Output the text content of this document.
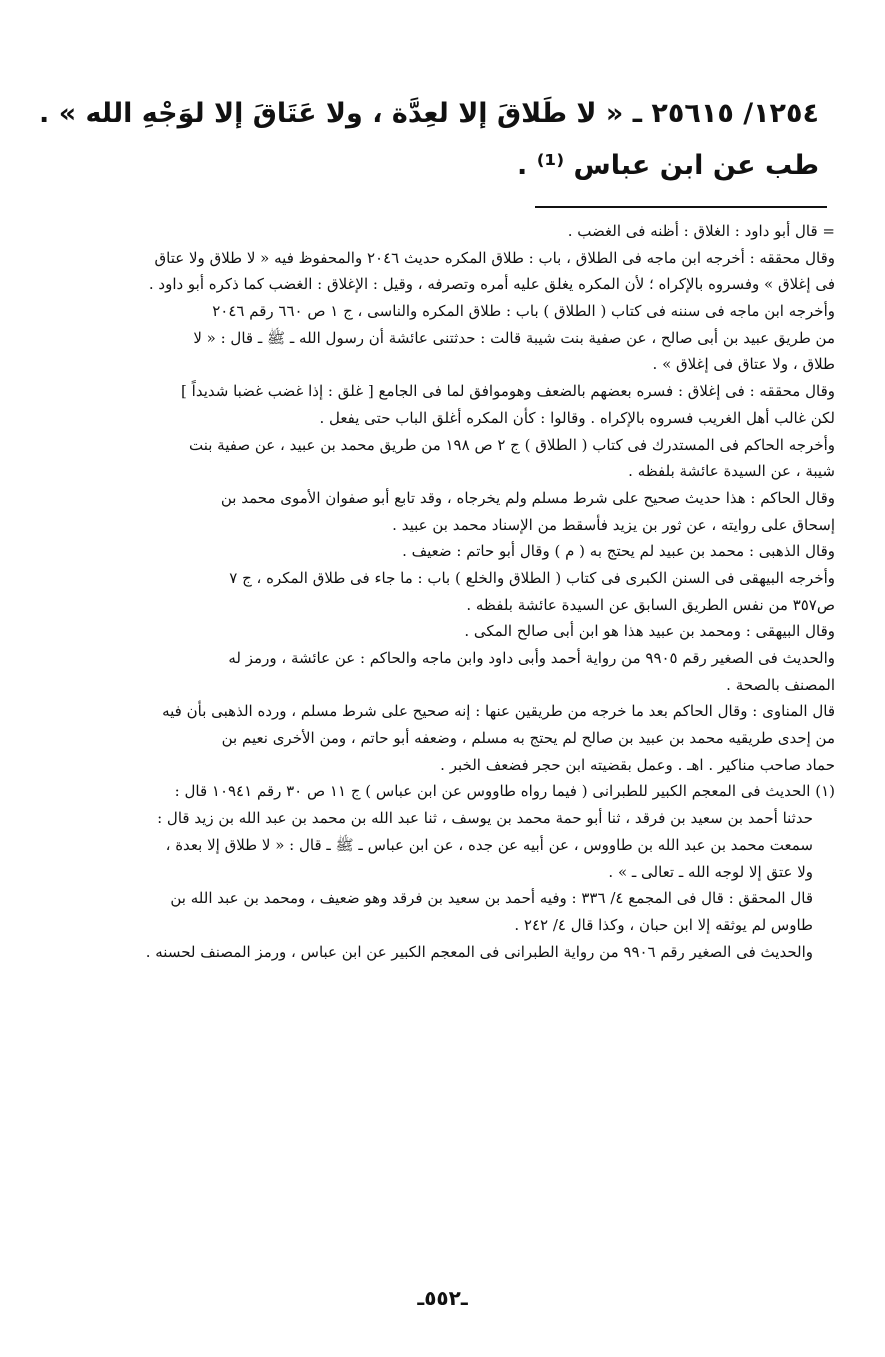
١٢٥٤/ ٢٥٦١٥ ـ « لا طَلاقَ إلا لعِدَّة ، ولا عَتَاقَ إلا لوَجْهِ الله » .
طب عن ابن عباس ⁽¹⁾ .
= قال أبو داود : الغلاق : أظنه فى الغضب .
وقال محققه : أخرجه ابن ماجه فى الطلاق ، باب : طلاق المكره حديث ٢٠٤٦ والمحفوظ فيه « لا طلاق ولا عتاق
فى إغلاق » وفسروه بالإكراه ؛ لأن المكره يغلق عليه أمره وتصرفه ، وقيل : الإغلاق : الغضب كما ذكره أبو داود .
وأخرجه ابن ماجه فى سننه فى كتاب ( الطلاق ) باب : طلاق المكره والناسى ، ج ١ ص ٦٦٠ رقم ٢٠٤٦
من طريق عبيد بن أبى صالح ، عن صفية بنت شيبة قالت : حدثتنى عائشة أن رسول الله ـ ﷺ ـ قال : « لا
طلاق ، ولا عتاق فى إغلاق » .
وقال محققه : فى إغلاق : فسره بعضهم بالضعف وهوموافق لما فى الجامع [ غلق : إذا غضب غضبا شديداً ]
لكن غالب أهل الغريب فسروه بالإكراه . وقالوا : كأن المكره أغلق الباب حتى يفعل .
وأخرجه الحاكم فى المستدرك فى كتاب ( الطلاق ) ج ٢ ص ١٩٨ من طريق محمد بن عبيد ، عن صفية بنت
شيبة ، عن السيدة عائشة بلفظه .
وقال الحاكم : هذا حديث صحيح على شرط مسلم ولم يخرجاه ، وقد تابع أبو صفوان الأموى محمد بن
إسحاق على روايته ، عن ثور بن يزيد فأسقط من الإسناد محمد بن عبيد .
وقال الذهبى : محمد بن عبيد لم يحتج به ( م ) وقال أبو حاتم : ضعيف .
وأخرجه البيهقى فى السنن الكبرى فى كتاب ( الطلاق والخلع ) باب : ما جاء فى طلاق المكره ، ج ٧
ص٣٥٧ من نفس الطريق السابق عن السيدة عائشة بلفظه .
وقال البيهقى : ومحمد بن عبيد هذا هو ابن أبى صالح المكى .
والحديث فى الصغير رقم ٩٩٠٥ من رواية أحمد وأبى داود وابن ماجه والحاكم : عن عائشة ، ورمز له
المصنف بالصحة .
قال المناوى : وقال الحاكم بعد ما خرجه من طريقين عنها : إنه صحيح على شرط مسلم ، ورده الذهبى بأن فيه
من إحدى طريقيه محمد بن عبيد بن صالح لم يحتج به مسلم ، وضعفه أبو حاتم ، ومن الأخرى نعيم بن
حماد صاحب مناكير . اهـ . وعمل بقضيته ابن حجر فضعف الخبر .
(١) الحديث فى المعجم الكبير للطبرانى ( فيما رواه طاووس عن ابن عباس ) ج ١١ ص ٣٠ رقم ١٠٩٤١ قال :
حدثنا أحمد بن سعيد بن فرقد ، ثنا أبو حمة محمد بن يوسف ، ثنا عبد الله بن محمد بن عبد الله بن زيد قال :
سمعت محمد بن عبد الله بن طاووس ، عن أبيه عن جده ، عن ابن عباس ـ ﷺ ـ قال : « لا طلاق إلا بعدة ،
ولا عتق إلا لوجه الله ـ تعالى ـ » .
قال المحقق : قال فى المجمع ٤/ ٣٣٦ : وفيه أحمد بن سعيد بن فرقد وهو ضعيف ، ومحمد بن عبد الله بن
طاوس لم يوثقه إلا ابن حبان ، وكذا قال ٤/ ٢٤٢ .
والحديث فى الصغير رقم ٩٩٠٦ من رواية الطبرانى فى المعجم الكبير عن ابن عباس ، ورمز المصنف لحسنه .
ـ٥٥٢ـ
